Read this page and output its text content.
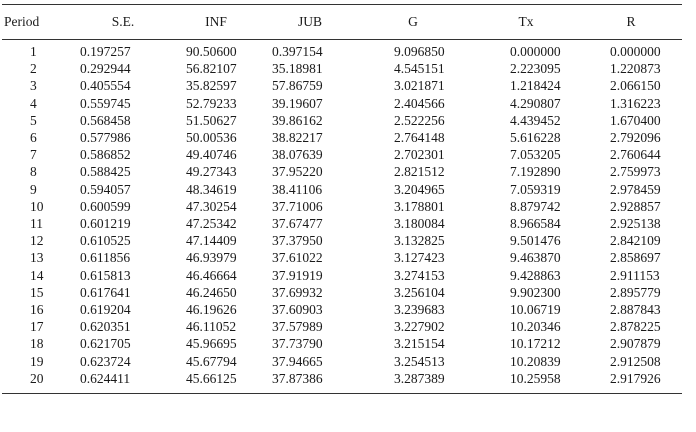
Period	S.E.	INF	JUB	G	Tx	R
1	0.197257	90.50600	0.397154	9.096850	0.000000	0.000000
2	0.292944	56.82107	35.18981	4.545151	2.223095	1.220873
3	0.405554	35.82597	57.86759	3.021871	1.218424	2.066150
4	0.559745	52.79233	39.19607	2.404566	4.290807	1.316223
5	0.568458	51.50627	39.86162	2.522256	4.439452	1.670400
6	0.577986	50.00536	38.82217	2.764148	5.616228	2.792096
7	0.586852	49.40746	38.07639	2.702301	7.053205	2.760644
8	0.588425	49.27343	37.95220	2.821512	7.192890	2.759973
9	0.594057	48.34619	38.41106	3.204965	7.059319	2.978459
10	0.600599	47.30254	37.71006	3.178801	8.879742	2.928857
11	0.601219	47.25342	37.67477	3.180084	8.966584	2.925138
12	0.610525	47.14409	37.37950	3.132825	9.501476	2.842109
13	0.611856	46.93979	37.61022	3.127423	9.463870	2.858697
14	0.615813	46.46664	37.91919	3.274153	9.428863	2.911153
15	0.617641	46.24650	37.69932	3.256104	9.902300	2.895779
16	0.619204	46.19626	37.60903	3.239683	10.06719	2.887843
17	0.620351	46.11052	37.57989	3.227902	10.20346	2.878225
18	0.621705	45.96695	37.73790	3.215154	10.17212	2.907879
19	0.623724	45.67794	37.94665	3.254513	10.20839	2.912508
20	0.624411	45.66125	37.87386	3.287389	10.25958	2.917926
